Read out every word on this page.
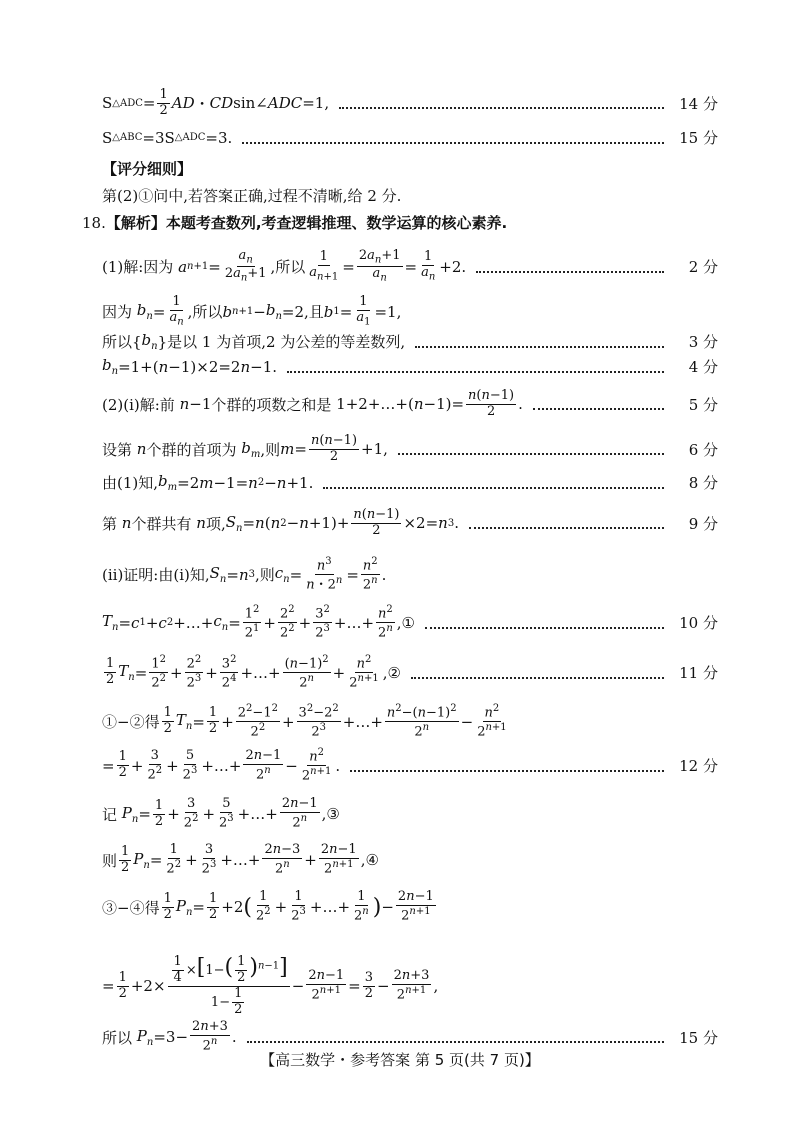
S △ADC = $\frac{1}{2}$ AD ・ CD sin∠ ADC =1,	14 分
S △ABC =3S △ADC =3.	15 分
【评分细则】
第(2)①问中,若答案正确,过程不清晰,给 2 分.
18. 【解析】本题考查数列,考查逻辑推理、数学运算的核心素养.
(1)解:因为
a $n+1 = \frac{a_n}{2a_n+1}$ ,所以 $\frac{1}{a_{n+1}} = \frac{2a_n+1}{a_n} = \frac{1}{a_n} +2$.	2 分
因为
$b_n = \frac{1}{a_n}$ ,所以 b $n+1 - b_n =2$,且 b $1 = \frac{1}{a_1} =1$,
所以{ $b_n$ }是以 1 为首项,2 为公差的等差数列,	3 分
$b_n =1+$( n −1)×2=2 n −1.	4 分
(2)(ⅰ)解:前
n −1 个群的项数之和是 1+2+…+( $n -1)= \frac{n(n-1)}{2}$ .	5 分
设第
n 个群的首项为
$b_m$ ,则 $m = \frac{n(n-1)}{2} +1$,	6 分
由(1)知, $b_m =2$ m −1= n 2 − n +1.	8 分
第
n 个群共有
n 项, $S_n = n$ ( n $2 - n +1)+ \frac{n(n-1)}{2} \times 2= n$ 3 .	9 分
(ⅱ)证明:由(ⅰ)知, $S_n = n$ 3 ,则 $c_n = \frac{n^3}{n・2^n} = \frac{n^2}{2^n}$ .
$T_n = c$ 1 + c 2 +…+ $c_n = \frac{1^2}{2^1} + \frac{2^2}{2^2} + \frac{3^2}{2^3}$ +…+ $\frac{n^2}{2^n}$ ,①	10 分
$\frac{1}{2} T_n = \frac{1^2}{2^2} + \frac{2^2}{2^3} + \frac{3^2}{2^4}$ +…+ $\frac{(n-1)^2}{2^n} + \frac{n^2}{2^{n+1}}$ ,②	11 分
①−②得 $\frac{1}{2} T_n = \frac{1}{2} + \frac{2^2-1^2}{2^2} + \frac{3^2-2^2}{2^3}$ +…+ $\frac{n^2-(n-1)^2}{2^n} - \frac{n^2}{2^{n+1}}$
= $\frac{1}{2} + \frac{3}{2^2} + \frac{5}{2^3}$ +…+ $\frac{2n-1}{2^n} - \frac{n^2}{2^{n+1}}$ .	12 分
记
$P_n = \frac{1}{2} + \frac{3}{2^2} + \frac{5}{2^3}$ +…+ $\frac{2n-1}{2^n}$ ,③
则 $\frac{1}{2} P_n = \frac{1}{2^2} + \frac{3}{2^3}$ +…+ $\frac{2n-3}{2^n} + \frac{2n-1}{2^{n+1}}$ ,④
③−④得 $\frac{1}{2} P_n = \frac{1}{2} +2$ ( $\frac{1}{2^2} + \frac{1}{2^3}$ +…+ $\frac{1}{2^n}$ ) − $\frac{2n-1}{2^{n+1}}$
= $\frac{1}{2} +2\times \frac{\frac{1}{4} \times[1-( \frac{1}{2} )^{n-1}]}{1- \frac{1}{2}} - \frac{2n-1}{2^{n+1}} = \frac{3}{2} - \frac{2n+3}{2^{n+1}}$ ,
所以
$P_n =3- \frac{2n+3}{2^n}$ .	15 分
【高三数学・参考答案 第 5 页(共 7 页)】
